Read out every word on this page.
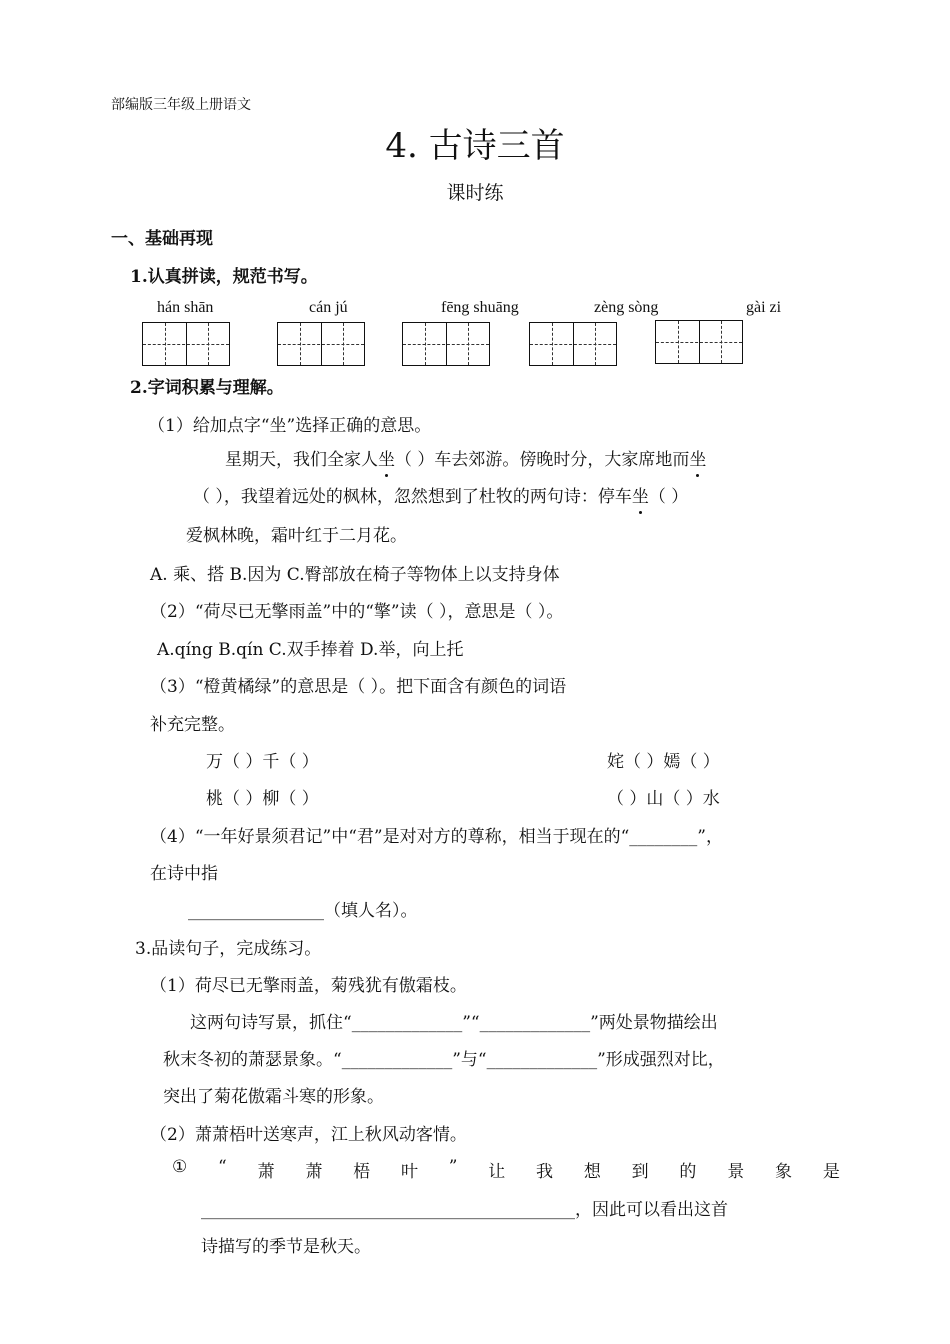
部编版三年级上册语文
4. 古诗三首
课时练
一、基础再现
1.认真拼读，规范书写。
hán shān	cán jú	fēng shuāng	zèng sòng	gài zi
2.字词积累与理解。
（1）给加点字“坐”选择正确的意思。
星期天，我们全家人坐（ ）车去郊游。傍晚时分，大家席地而坐
（ ），我望着远处的枫林，忽然想到了杜牧的两句诗：停车坐（ ）
爱枫林晚，霜叶红于二月花。
A. 乘、搭 B.因为 C.臀部放在椅子等物体上以支持身体
（2）“荷尽已无擎雨盖”中的“擎”读（ ），意思是（ ）。
A.qíng B.qín C.双手捧着 D.举，向上托
（3）“橙黄橘绿”的意思是（ ）。把下面含有颜色的词语
补充完整。
万（ ）千（ ）	姹（ ）嫣（ ）
桃（ ）柳（ ）	（ ）山（ ）水
（4）“一年好景须君记”中“君”是对对方的尊称，相当于现在的“________”，
在诗中指
________________（填人名）。
3.品读句子，完成练习。
（1）荷尽已无擎雨盖，菊残犹有傲霜枝。
这两句诗写景，抓住“_____________”“_____________”两处景物描绘出
秋末冬初的萧瑟景象。“_____________”与“_____________”形成强烈对比，
突出了菊花傲霜斗寒的形象。
（2）萧萧梧叶送寒声，江上秋风动客情。
① “ 萧 萧 梧 叶 ” 让 我 想 到 的 景 象 是
____________________________________________，因此可以看出这首
诗描写的季节是秋天。
